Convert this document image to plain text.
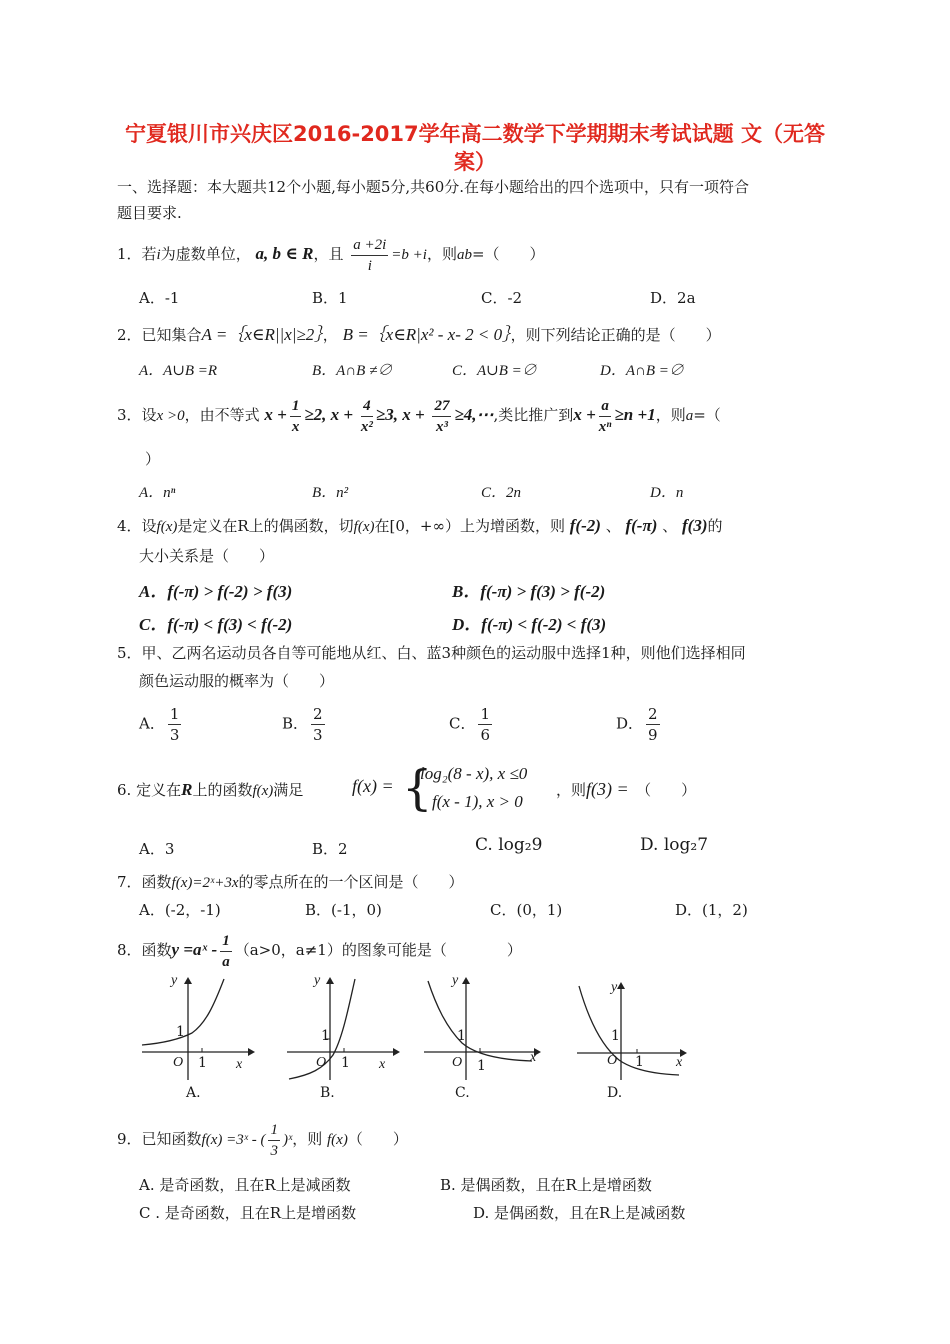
宁夏银川市兴庆区2016-2017学年高二数学下学期期末考试试题 文（无答
案）
一、选择题：本大题共12个小题,每小题5分,共60分.在每小题给出的四个选项中，只有一项符合
题目要求.
1．若i为虚数单位， a, b ∈ R，且 $\frac{a +2i}{i} =b +i$，则ab=（　　）
A．-1	B．1	C．-2	D．2a
2．已知集合A =｛x∈R||x|≥2｝， B =｛x∈R|x² - x- 2 < 0｝，则下列结论正确的是（　　）
A．A∪B =R	B．A∩B ≠∅	C．A∪B =∅	D．A∩B =∅
3．设x >0，由不等式 $x + \frac{1}{x} \ge 2$, $x + \frac{4}{\text{x²}} \ge 3$, $x + \frac{27}{\text{x³}}$ ≥4,⋯,类比推广到$x + \frac{a}{\text{xⁿ}} \ge n +1$，则a=（
）
A．nⁿ	B．n²	C．2n	D．n
4．设f(x)是定义在R上的偶函数，切f(x)在[0，+∞）上为增函数，则 f(-2) 、 f(-π) 、 f(3)的
大小关系是（　　）
A．f(-π) > f(-2) > f(3)	B．f(-π) > f(3) > f(-2)
C．f(-π) < f(3) < f(-2)	D．f(-π) < f(-2) < f(3)
5．甲、乙两名运动员各自等可能地从红、白、蓝3种颜色的运动服中选择1种，则他们选择相同
颜色运动服的概率为（　　）
A． $\frac{1}{3}$	B． $\frac{2}{3}$	C． $\frac{1}{6}$	D． $\frac{2}{9}$
6. 定义在R上的函数f(x)满足	f(x) = {
log₂(8 - x), x ≤0
f(x - 1), x > 0
，则f(3) =　 （　　）
A．3	B．2	C. log₂9	D. log₂7
7．函数f(x)=2ˣ+3x的零点所在的一个区间是（　　）
A．(-2，-1)	B．(-1，0)	C．(0，1)	D．(1，2)
8．函数y =aˣ - $\frac{1}{a} (a>0$，a≠1）的图象可能是（　　　　）
y
1
O 1 x
A.
y
1
O 1 x
B.
y
1
O 1
x
C.
y
1
O 1 x
D.
9．已知函数f(x) =3ˣ - ( $\frac{1}{3}$ )ˣ，则 f(x)（　　）
A. 是奇函数，且在R上是减函数	B. 是偶函数，且在R上是增函数
C . 是奇函数，且在R上是增函数	D. 是偶函数，且在R上是减函数
